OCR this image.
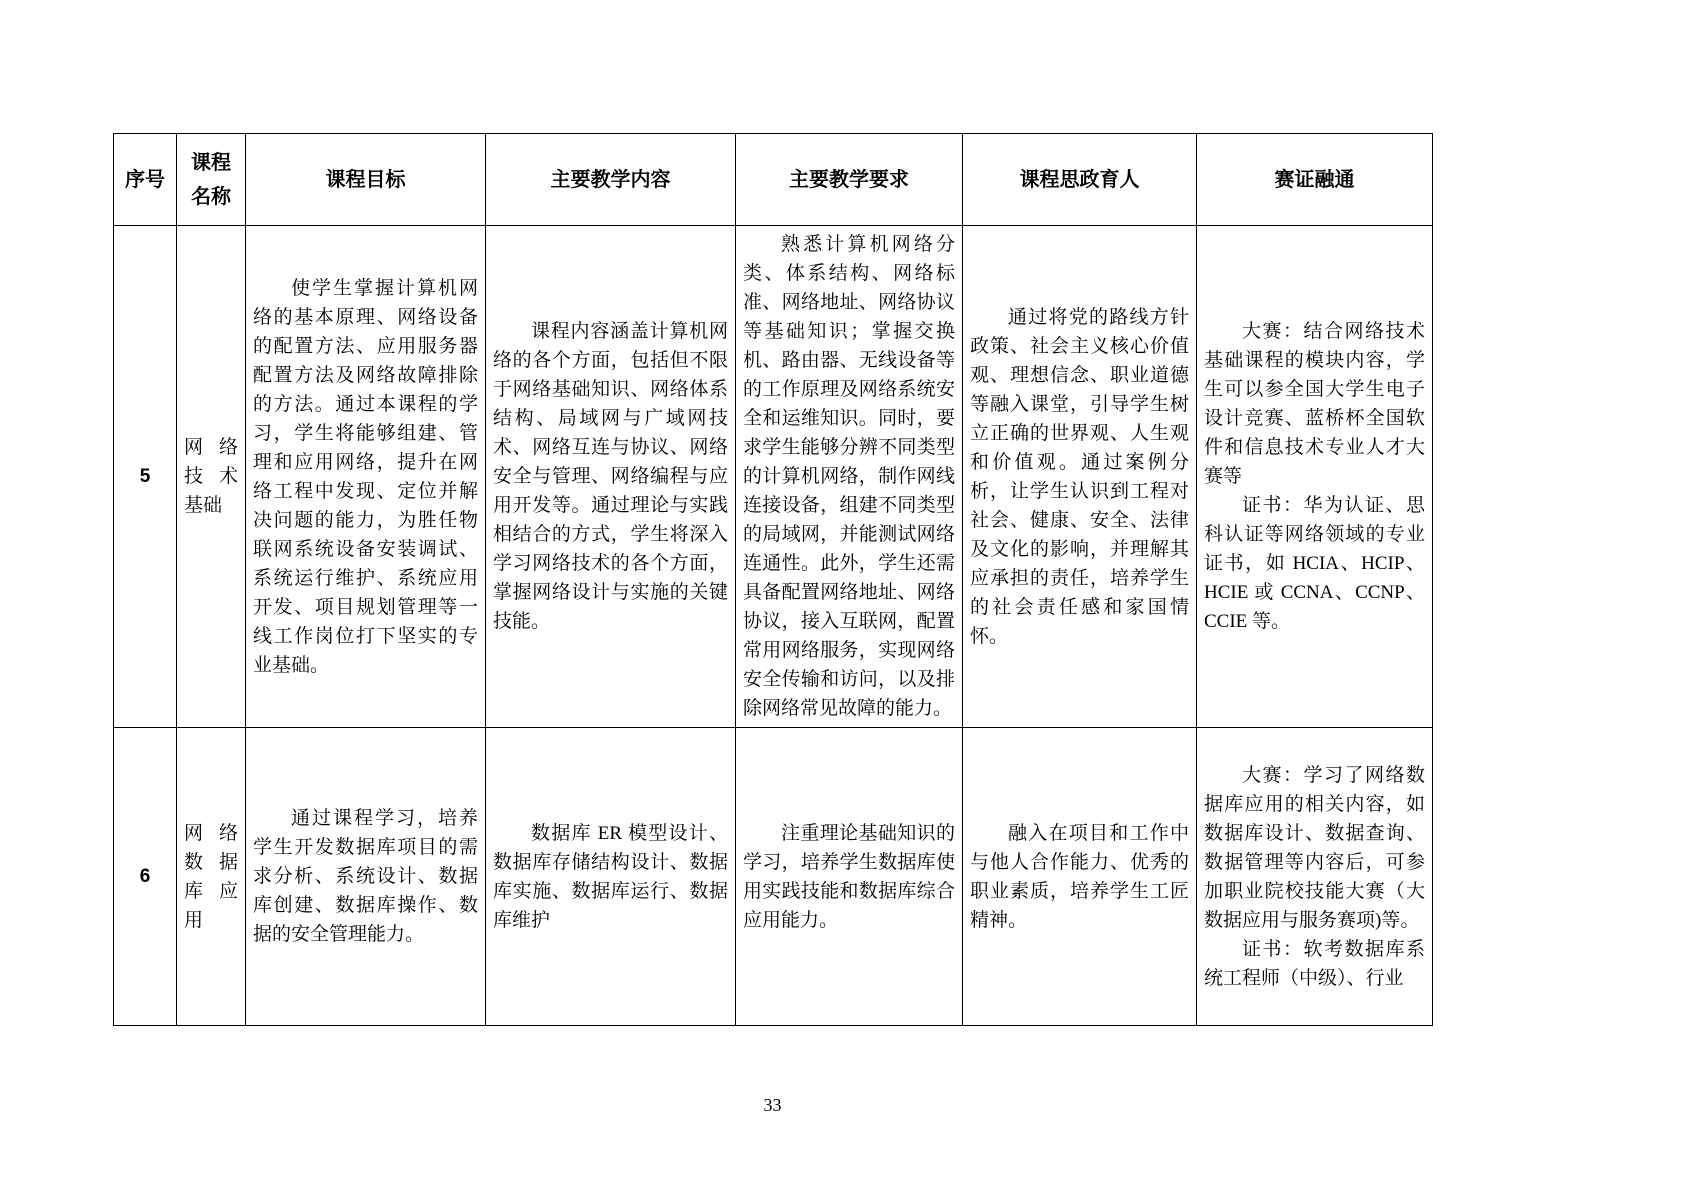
序号	课程名称	课程目标	主要教学内容	主要教学要求	课程思政育人	赛证融通
5	网络技术基础	使学生掌握计算机网络的基本原理、网络设备的配置方法、应用服务器配置方法及网络故障排除的方法。通过本课程的学习，学生将能够组建、管理和应用网络，提升在网络工程中发现、定位并解决问题的能力，为胜任物联网系统设备安装调试、系统运行维护、系统应用开发、项目规划管理等一线工作岗位打下坚实的专业基础。	课程内容涵盖计算机网络的各个方面，包括但不限于网络基础知识、网络体系结构、局域网与广域网技术、网络互连与协议、网络安全与管理、网络编程与应用开发等。通过理论与实践相结合的方式，学生将深入学习网络技术的各个方面，掌握网络设计与实施的关键技能。	熟悉计算机网络分类、体系结构、网络标准、网络地址、网络协议等基础知识；掌握交换机、路由器、无线设备等的工作原理及网络系统安全和运维知识。同时，要求学生能够分辨不同类型的计算机网络，制作网线连接设备，组建不同类型的局域网，并能测试网络连通性。此外，学生还需具备配置网络地址、网络协议，接入互联网，配置常用网络服务，实现网络安全传输和访问，以及排除网络常见故障的能力。	通过将党的路线方针政策、社会主义核心价值观、理想信念、职业道德等融入课堂，引导学生树立正确的世界观、人生观和价值观。通过案例分析，让学生认识到工程对社会、健康、安全、法律及文化的影响，并理解其应承担的责任，培养学生的社会责任感和家国情怀。	大赛：结合网络技术基础课程的模块内容，学生可以参全国大学生电子设计竞赛、蓝桥杯全国软件和信息技术专业人才大赛等

证书：华为认证、思科认证等网络领域的专业证书，如 HCIA、HCIP、HCIE 或 CCNA、CCNP、CCIE 等。

6	网络数据库应用	通过课程学习，培养学生开发数据库项目的需求分析、系统设计、数据库创建、数据库操作、数据的安全管理能力。	数据库 ER 模型设计、数据库存储结构设计、数据库实施、数据库运行、数据库维护	注重理论基础知识的学习，培养学生数据库使用实践技能和数据库综合应用能力。	融入在项目和工作中与他人合作能力、优秀的职业素质，培养学生工匠精神。	大赛：学习了网络数据库应用的相关内容，如数据库设计、数据查询、数据管理等内容后，可参加职业院校技能大赛（大数据应用与服务赛项)等。

证书：软考数据库系统工程师（中级）、行业

33
